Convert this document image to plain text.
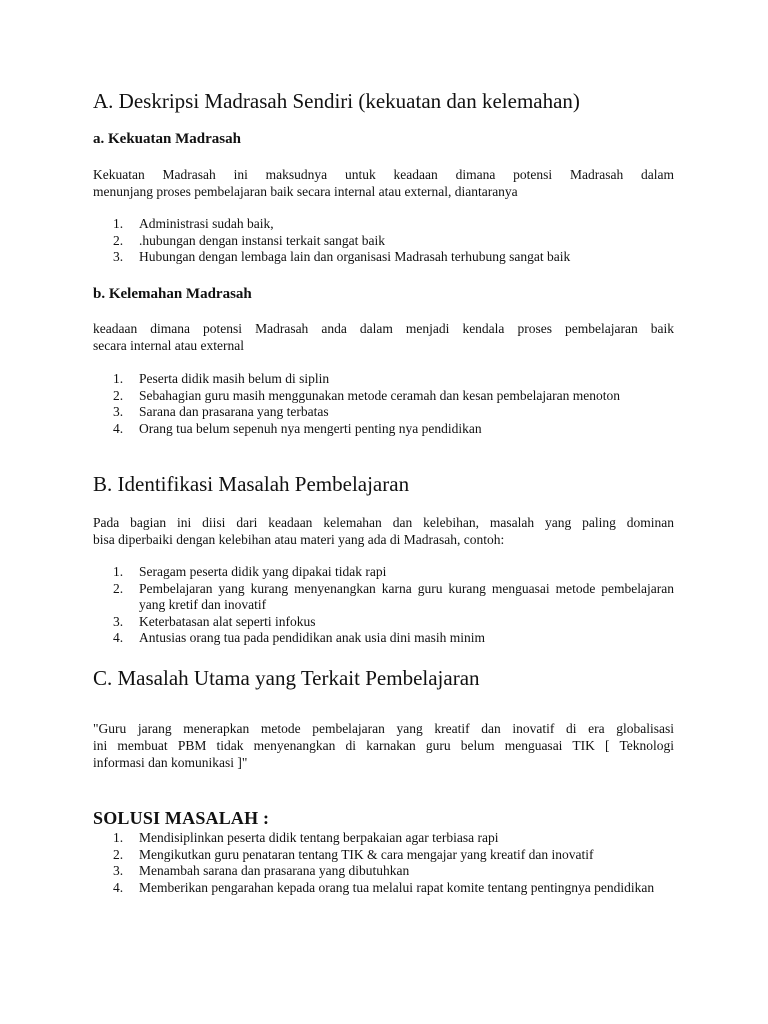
A. Deskripsi Madrasah Sendiri (kekuatan dan kelemahan)
a. Kekuatan Madrasah

Kekuatan Madrasah ini maksudnya untuk keadaan dimana potensi Madrasah dalam
menunjang proses pembelajaran baik secara internal atau external, diantaranya

1. Administrasi sudah baik,
2. .hubungan dengan instansi terkait sangat baik
3. Hubungan dengan lembaga lain dan organisasi Madrasah terhubung sangat baik
b. Kelemahan Madrasah

keadaan dimana potensi Madrasah anda dalam menjadi kendala proses pembelajaran baik
secara internal atau external

1. Peserta didik masih belum di siplin
2. Sebahagian guru masih menggunakan metode ceramah dan kesan pembelajaran menoton
3. Sarana dan prasarana yang terbatas
4. Orang tua belum sepenuh nya mengerti penting nya pendidikan
B. Identifikasi Masalah Pembelajaran

Pada bagian ini diisi dari keadaan kelemahan dan kelebihan, masalah yang paling dominan
bisa diperbaiki dengan kelebihan atau materi yang ada di Madrasah, contoh:

1. Seragam peserta didik yang dipakai tidak rapi
2. Pembelajaran yang kurang menyenangkan karna guru kurang menguasai metode pembelajaran yang kretif dan inovatif
3. Keterbatasan alat seperti infokus
4. Antusias orang tua pada pendidikan anak usia dini masih minim
C. Masalah Utama yang Terkait Pembelajaran

"Guru jarang menerapkan metode pembelajaran yang kreatif dan inovatif di era globalisasi
ini membuat PBM tidak menyenangkan di karnakan guru belum menguasai TIK [ Teknologi
informasi dan komunikasi ]"

SOLUSI MASALAH :
1. Mendisiplinkan peserta didik tentang berpakaian agar terbiasa rapi
2. Mengikutkan guru penataran tentang TIK & cara mengajar yang kreatif dan inovatif
3. Menambah sarana dan prasarana yang dibutuhkan
4. Memberikan pengarahan kepada orang tua melalui rapat komite tentang pentingnya pendidikan
